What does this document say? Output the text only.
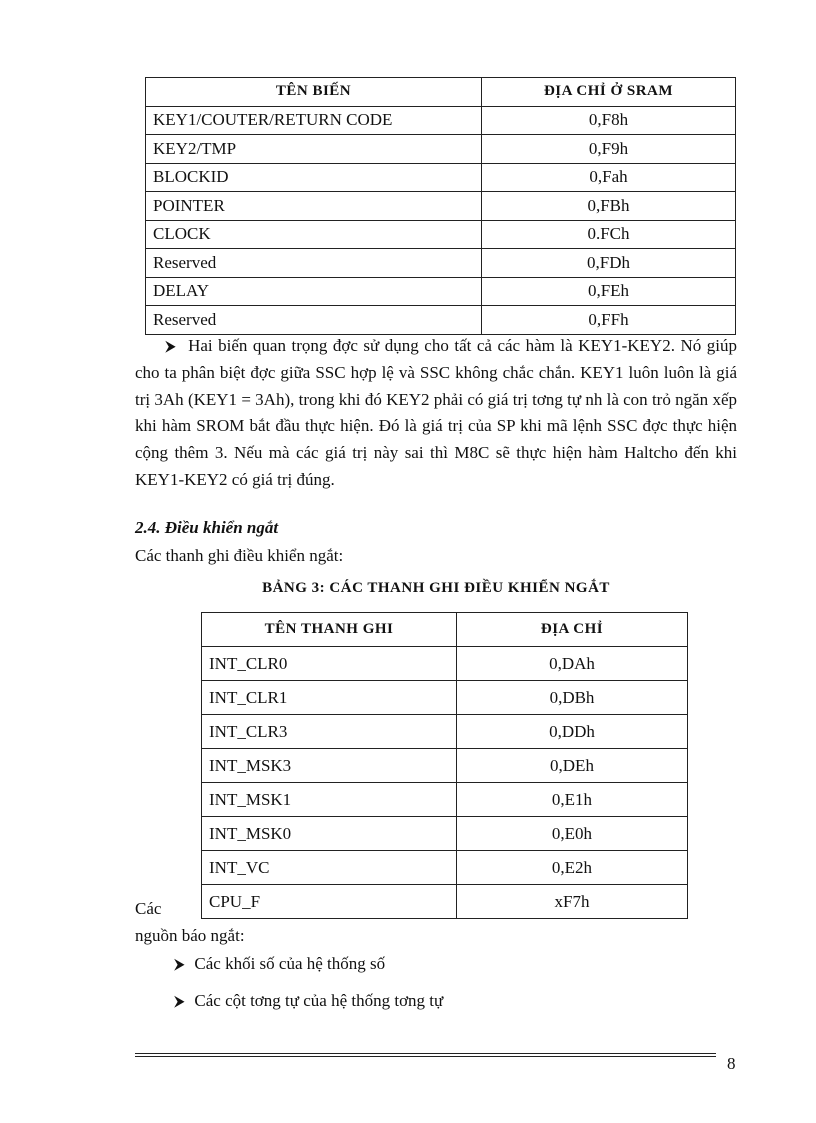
TÊN BIẾN	ĐỊA CHỈ Ở SRAM
KEY1/COUTER/RETURN CODE	0,F8h
KEY2/TMP	0,F9h
BLOCKID	0,Fah
POINTER	0,FBh
CLOCK	0.FCh
Reserved	0,FDh
DELAY	0,FEh
Reserved	0,FFh

⮞  Hai biến quan trọng đợc sử dụng cho tất cả các hàm là KEY1-KEY2. Nó giúp cho ta phân biệt đợc giữa SSC hợp lệ và SSC không chắc chắn. KEY1 luôn luôn là giá trị 3Ah (KEY1 = 3Ah), trong khi đó KEY2 phải có giá trị tơng tự nh là con trỏ ngăn xếp khi hàm SROM bắt đầu thực hiện. Đó là giá trị của SP khi mã lệnh SSC đợc thực hiện cộng thêm 3. Nếu mà các giá trị này sai thì M8C sẽ thực hiện hàm Haltcho đến khi KEY1-KEY2 có giá trị đúng.

2.4. Điều khiển ngắt
Các thanh ghi điều khiển ngắt:
BẢNG 3: CÁC THANH GHI ĐIỀU KHIỂN NGẮT
TÊN THANH GHI	ĐỊA CHỈ
INT_CLR0	0,DAh
INT_CLR1	0,DBh
INT_CLR3	0,DDh
INT_MSK3	0,DEh
INT_MSK1	0,E1h
INT_MSK0	0,E0h
INT_VC	0,E2h
CPU_F	xF7h
Các
nguồn báo ngắt:
⮞  Các khối số của hệ thống số
⮞  Các cột tơng tự của hệ thống tơng tự
8
